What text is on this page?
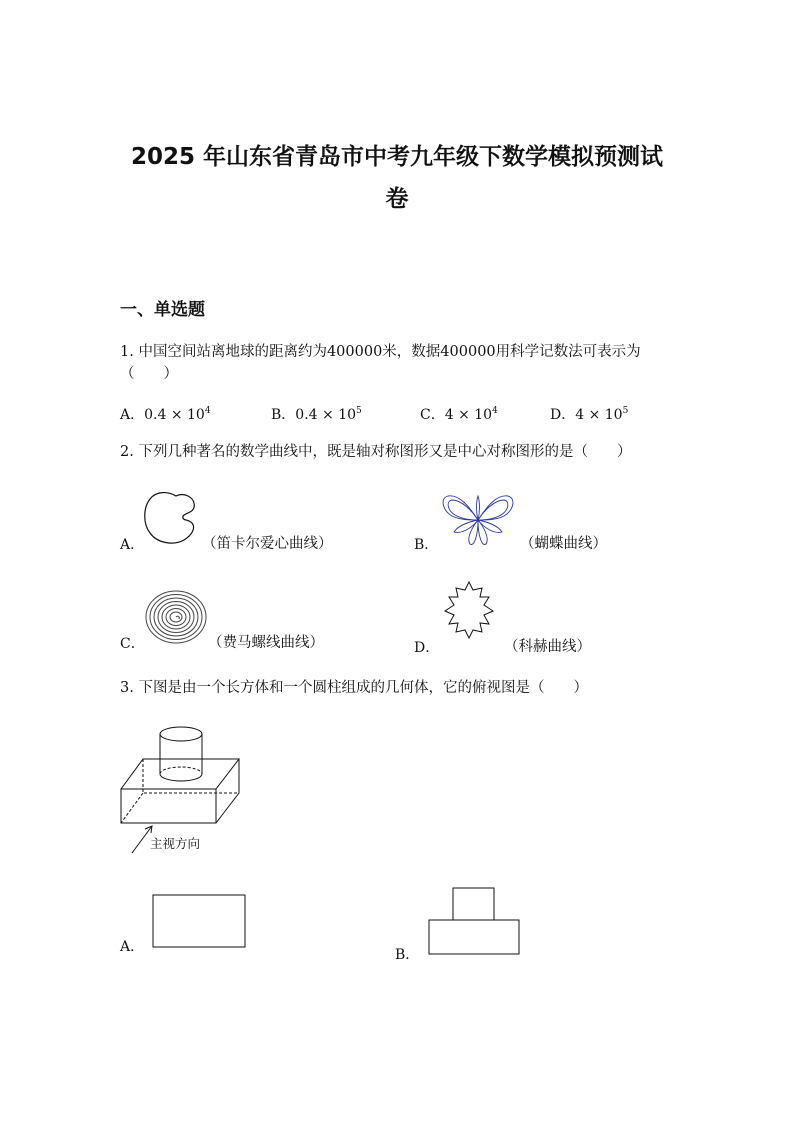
2025 年山东省青岛市中考九年级下数学模拟预测试
卷
一、单选题
1. 中国空间站离地球的距离约为400000米，数据400000用科学记数法可表示为
（　　）
A．$0.4 \times 10^4$	B．$0.4 \times 10^5$	C．$4 \times 10^4$	D．$4 \times 10^5$
2. 下列几种著名的数学曲线中，既是轴对称图形又是中心对称图形的是（　　）
A．	（笛卡尔爱心曲线）	B．	（蝴蝶曲线）
C．	（费马螺线曲线）	D．	（科赫曲线）
3. 下图是由一个长方体和一个圆柱组成的几何体，它的俯视图是（　　）
主视方向
A．	B．
